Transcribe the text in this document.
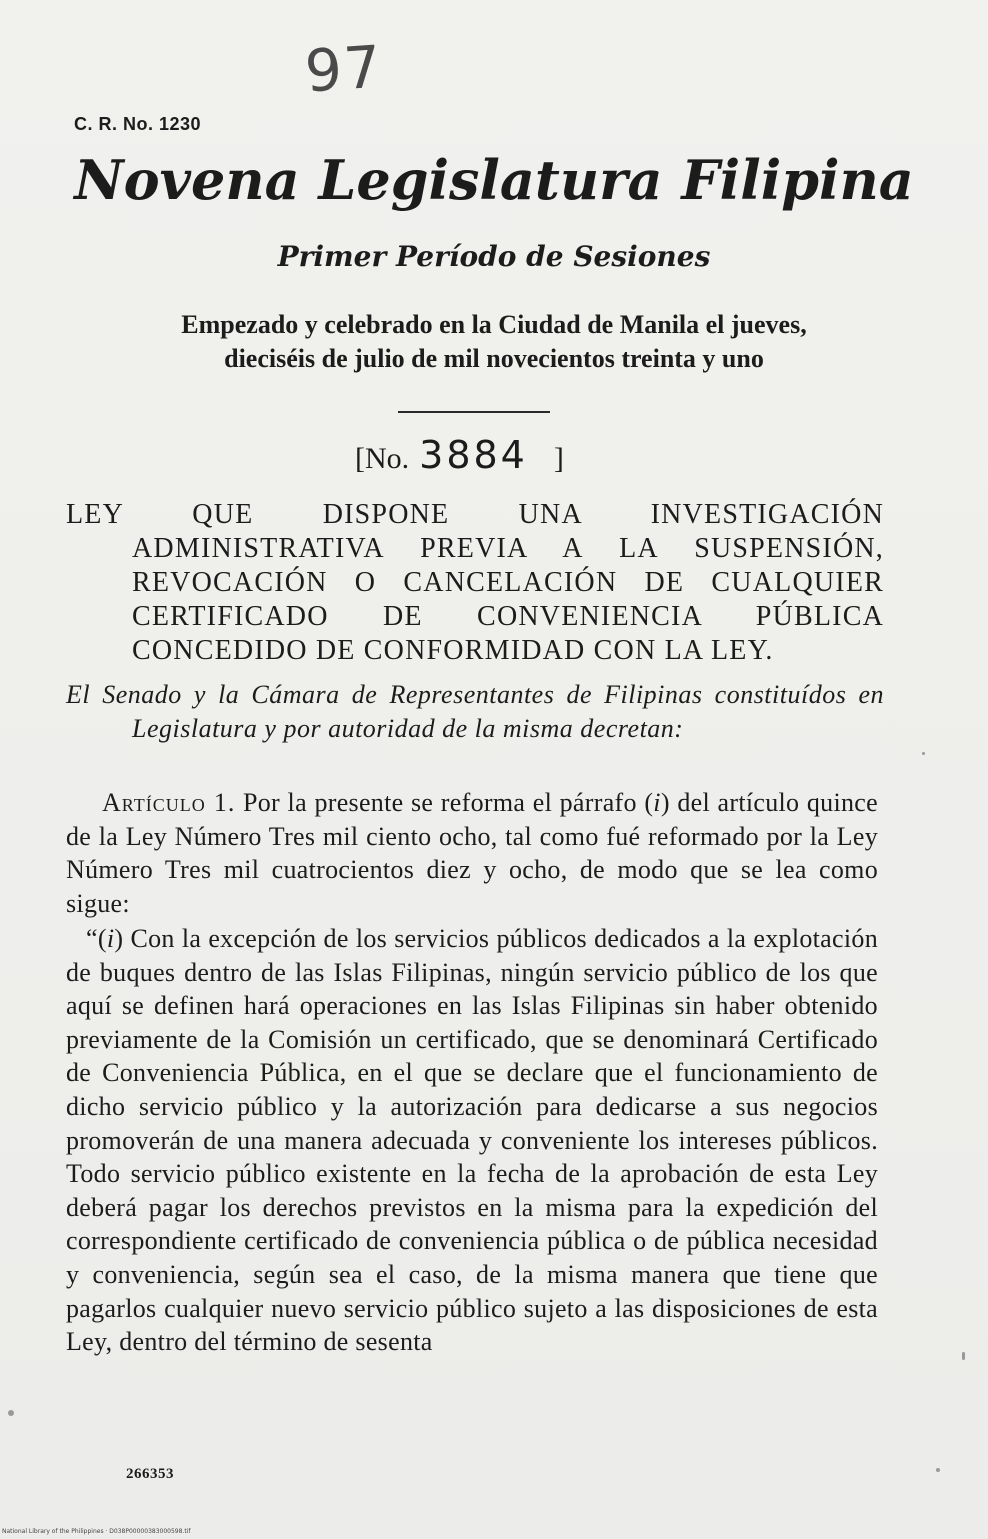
97
C. R. No. 1230
Novena Legislatura Filipina
Primer Período de Sesiones
Empezado y celebrado en la Ciudad de Manila el jueves,
dieciséis de julio de mil novecientos treinta y uno
[No. 3884 ]
LEY QUE DISPONE UNA INVESTIGACIÓN ADMINISTRATIVA PREVIA A LA SUSPENSIÓN, REVOCACIÓN O CANCELACIÓN DE CUALQUIER CERTIFICADO DE CONVENIENCIA PÚBLICA CONCEDIDO DE CONFORMIDAD CON LA LEY.
El Senado y la Cámara de Representantes de Filipinas constituídos en Legislatura y por autoridad de la misma decretan:
Artículo 1. Por la presente se reforma el párrafo (i) del artículo quince de la Ley Número Tres mil ciento ocho, tal como fué reformado por la Ley Número Tres mil cuatrocientos diez y ocho, de modo que se lea como sigue:
“(i) Con la excepción de los servicios públicos dedicados a la explotación de buques dentro de las Islas Filipinas, ningún servicio público de los que aquí se definen hará operaciones en las Islas Filipinas sin haber obtenido previamente de la Comisión un certificado, que se denominará Certificado de Conveniencia Pública, en el que se declare que el funcionamiento de dicho servicio público y la autorización para dedicarse a sus negocios promoverán de una manera adecuada y conveniente los intereses públicos. Todo servicio público existente en la fecha de la aprobación de esta Ley deberá pagar los derechos previstos en la misma para la expedición del correspondiente certificado de conveniencia pública o de pública necesidad y conveniencia, según sea el caso, de la misma manera que tiene que pagarlos cualquier nuevo servicio público sujeto a las disposiciones de esta Ley, dentro del término de sesenta
266353
National Library of the Philippines · D038P00000383000598.tif
